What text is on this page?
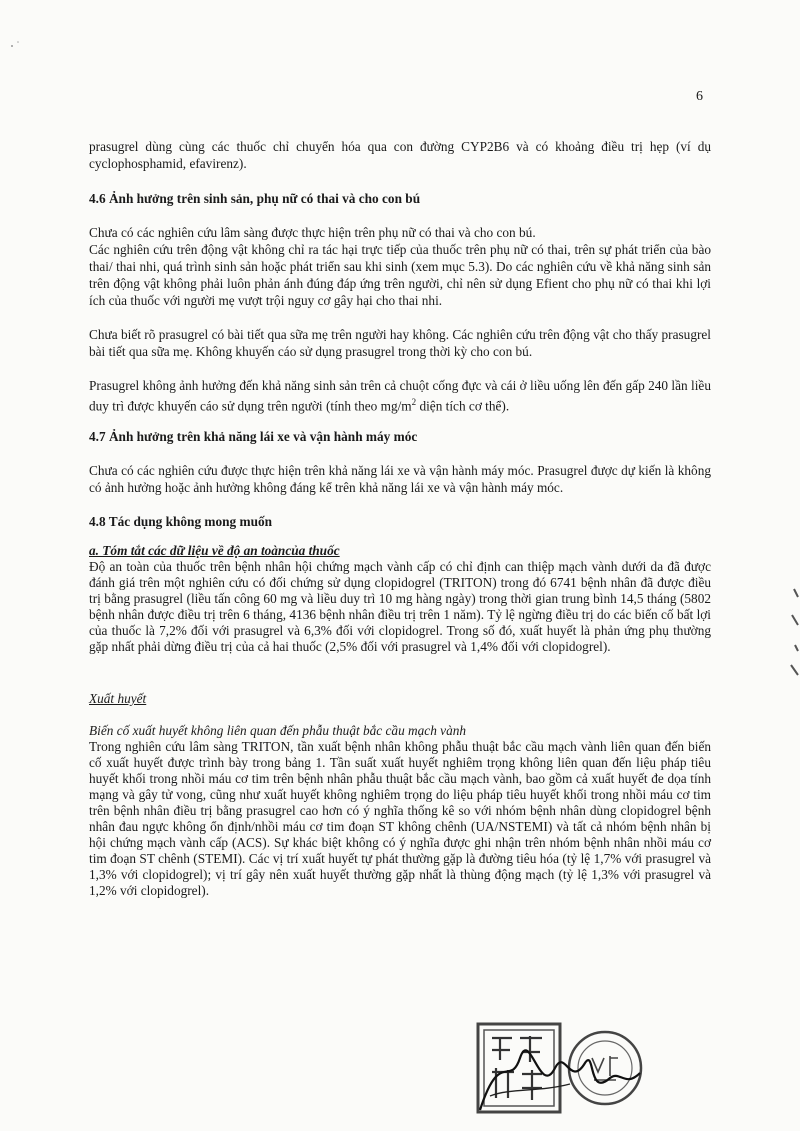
6

prasugrel dùng cùng các thuốc chỉ chuyển hóa qua con đường CYP2B6 và có khoảng điều trị hẹp (ví dụ cyclophosphamid, efavirenz).

4.6 Ảnh hưởng trên sinh sản, phụ nữ có thai và cho con bú

Chưa có các nghiên cứu lâm sàng được thực hiện trên phụ nữ có thai và cho con bú.

Các nghiên cứu trên động vật không chỉ ra tác hại trực tiếp của thuốc trên phụ nữ có thai, trên sự phát triển của bào thai/ thai nhi, quá trình sinh sản hoặc phát triển sau khi sinh (xem mục 5.3). Do các nghiên cứu về khả năng sinh sản trên động vật không phải luôn phản ánh đúng đáp ứng trên người, chỉ nên sử dụng Efient cho phụ nữ có thai khi lợi ích của thuốc với người mẹ vượt trội nguy cơ gây hại cho thai nhi.

Chưa biết rõ prasugrel có bài tiết qua sữa mẹ trên người hay không. Các nghiên cứu trên động vật cho thấy prasugrel bài tiết qua sữa mẹ. Không khuyến cáo sử dụng prasugrel trong thời kỳ cho con bú.

Prasugrel không ảnh hưởng đến khả năng sinh sản trên cả chuột cống đực và cái ở liều uống lên đến gấp 240 lần liều duy trì được khuyến cáo sử dụng trên người (tính theo $mg/m^2$ diện tích cơ thể).

4.7 Ảnh hưởng trên khả năng lái xe và vận hành máy móc

Chưa có các nghiên cứu được thực hiện trên khả năng lái xe và vận hành máy móc. Prasugrel được dự kiến là không có ảnh hưởng hoặc ảnh hưởng không đáng kể trên khả năng lái xe và vận hành máy móc.

4.8 Tác dụng không mong muốn

a. Tóm tắt các dữ liệu về độ an toàncủa thuốc

Độ an toàn của thuốc trên bệnh nhân hội chứng mạch vành cấp có chỉ định can thiệp mạch vành dưới da đã được đánh giá trên một nghiên cứu có đối chứng sử dụng clopidogrel (TRITON) trong đó 6741 bệnh nhân đã được điều trị bằng prasugrel (liều tấn công 60 mg và liều duy trì 10 mg hàng ngày) trong thời gian trung bình 14,5 tháng (5802 bệnh nhân được điều trị trên 6 tháng, 4136 bệnh nhân điều trị trên 1 năm). Tỷ lệ ngừng điều trị do các biến cố bất lợi của thuốc là 7,2% đối với prasugrel và 6,3% đối với clopidogrel. Trong số đó, xuất huyết là phản ứng phụ thường gặp nhất phải dừng điều trị của cả hai thuốc (2,5% đối với prasugrel và 1,4% đối với clopidogrel).

Xuất huyết

Biến cố xuất huyết không liên quan đến phẫu thuật bắc cầu mạch vành

Trong nghiên cứu lâm sàng TRITON, tần xuất bệnh nhân không phẫu thuật bắc cầu mạch vành liên quan đến biến cố xuất huyết được trình bày trong bảng 1. Tần suất xuất huyết nghiêm trọng không liên quan đến liệu pháp tiêu huyết khối trong nhồi máu cơ tim trên bệnh nhân phẫu thuật bắc cầu mạch vành, bao gồm cả xuất huyết đe dọa tính mạng và gây tử vong, cũng như xuất huyết không nghiêm trọng do liệu pháp tiêu huyết khối trong nhồi máu cơ tim trên bệnh nhân điều trị bằng prasugrel cao hơn có ý nghĩa thống kê so với nhóm bệnh nhân dùng clopidogrel bệnh nhân đau ngực không ổn định/nhồi máu cơ tim đoạn ST không chênh (UA/NSTEMI) và tất cả nhóm bệnh nhân bị hội chứng mạch vành cấp (ACS). Sự khác biệt không có ý nghĩa được ghi nhận trên nhóm bệnh nhân nhồi máu cơ tim đoạn ST chênh (STEMI). Các vị trí xuất huyết tự phát thường gặp là đường tiêu hóa (tỷ lệ 1,7% với prasugrel và 1,3% với clopidogrel); vị trí gây nên xuất huyết thường gặp nhất là thùng động mạch (tỷ lệ 1,3% với prasugrel và 1,2% với clopidogrel).
